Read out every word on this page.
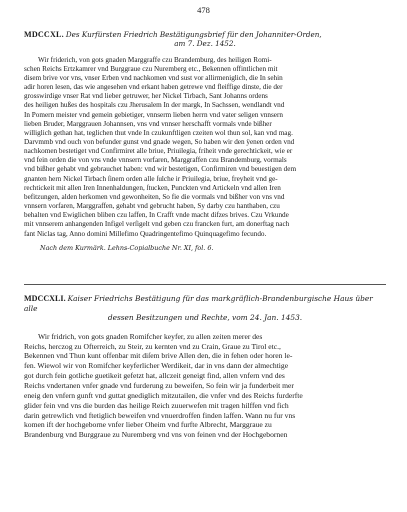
478
MDCCXL. Des Kurfürsten Friedrich Bestätigungsbrief für den Johanniter-Orden,
am 7. Dez. 1452.
Wir friderich, von gots gnaden Marggraffe czu Brandemburg, des heiligen Romi-
schen Reichs Ertzkamrer vnd Burggraue czu Nuremberg etc., Bekennen offintlichen mit
disem brive vor vns, vnser Erben vnd nachkomen vnd sust vor allirmeniglich, die In sehin
adir horen lesen, das wie angesehen vnd erkant haben getrewe vnd fleiffige dinste, die der
grosswirdige vnser Rat vnd lieber getruwer, her Nickel Tirbach, Sant Johanns ordens
des heiligen hußes des hospitals czu Jherusalem In der margk, In Sachssen, wendlandt vnd
In Pomern meister vnd gemein gebietiger, vnnserm lieben herrn vnd vater seligen vnnsern
lieben Bruder, Marggrauen Johannsen, vns vnd vnnser herschafft vormals vnde bißher
williglich gethan hat, teglichen thut vnde In czukunftligen czeiten wol thun sol, kan vnd mag.
Darvmmb vnd ouch von befunder gunst vnd gnade wegen, So haben wir den ÿenen orden vnd
nachkomen bestetiget vnd Confirmiret alle briue, Priuilegia, friheit vnde gerechtickeit, wie er
vnd fein orden die von vns vnde vnnsern vorfaren, Marggraffen czu Brandemburg, vormals
vnd bißher gehabt vnd gebrauchet haben: vnd wir bestetigen, Confirmiren vnd beuestigen dem
gnanten hern Nickel Tirbach ſinem orden alle ſulche ir Priuilegia, briue, freyheit vnd ge-
rechtickeit mit allen Iren Innenhaldungen, ſtucken, Punckten vnd Artickeln vnd allen Iren
befitzungen, alden herkomen vnd gewonheiten, So fie die vormals vnd bißher von vns vnd
vnnsern vorfaren, Marggraffen, gehabt vnd gebrucht haben, Sy darby czu hanthaben, czu
behalten vnd Ewiglichen bliben czu laffen, In Crafft vnde macht difzes brives. Czu Vrkunde
mit vnnserem anhangenden Infigel verſigelt vnd geben czu francken furt, am donerftag nach
fant Niclas tag, Anno domini Millefimo Quadringentefimo Quinquagefimo fecundo.
Nach dem Kurmärk. Lehns-Copialbuche Nr. XI, fol. 6.
MDCCXLI. Kaiser Friedrichs Bestätigung für das markgräflich-Brandenburgische Haus über alle
dessen Besitzungen und Rechte, vom 24. Jan. 1453.
Wir fridrich, von gots gnaden Romifcher keyfer, zu allen zeiten merer des
Reichs, herczog zu Ofterreich, zu Steir, zu kernten vnd zu Crain, Graue zu Tirol etc.,
Bekennen vnd Thun kunt offenbar mit diſem brive Allen den, die in fehen oder horen le-
fen. Wiewol wir von Romifcher keyferlicher Werdikeit, dar in vns dann der almechtige
got durch fein gotliche guetikeit gefetzt hat, allczeit geneigt find, allen vnfern vnd des
Reichs vndertanen vnfer gnade vnd furderung zu beweifen, So fein wir ja funderbeit mer
eneig den vnfern gunft vnd guttat gnediglich mitzutailen, die vnfer vnd des Reichs furderfte
glider fein vnd vns die burden das heilige Reich zuuerwefen mit tragen hilffen vnd fich
darin getrewlich vnd ftetiglich beweifen vnd vnuerdroffen finden laffen. Wann nu fur vns
komen ift der hochgeborne vnfer lieber Oheim vnd furfte Albrecht, Marggraue zu
Brandenburg vnd Burggraue zu Nuremberg vnd vns von feinen vnd der Hochgebornen
